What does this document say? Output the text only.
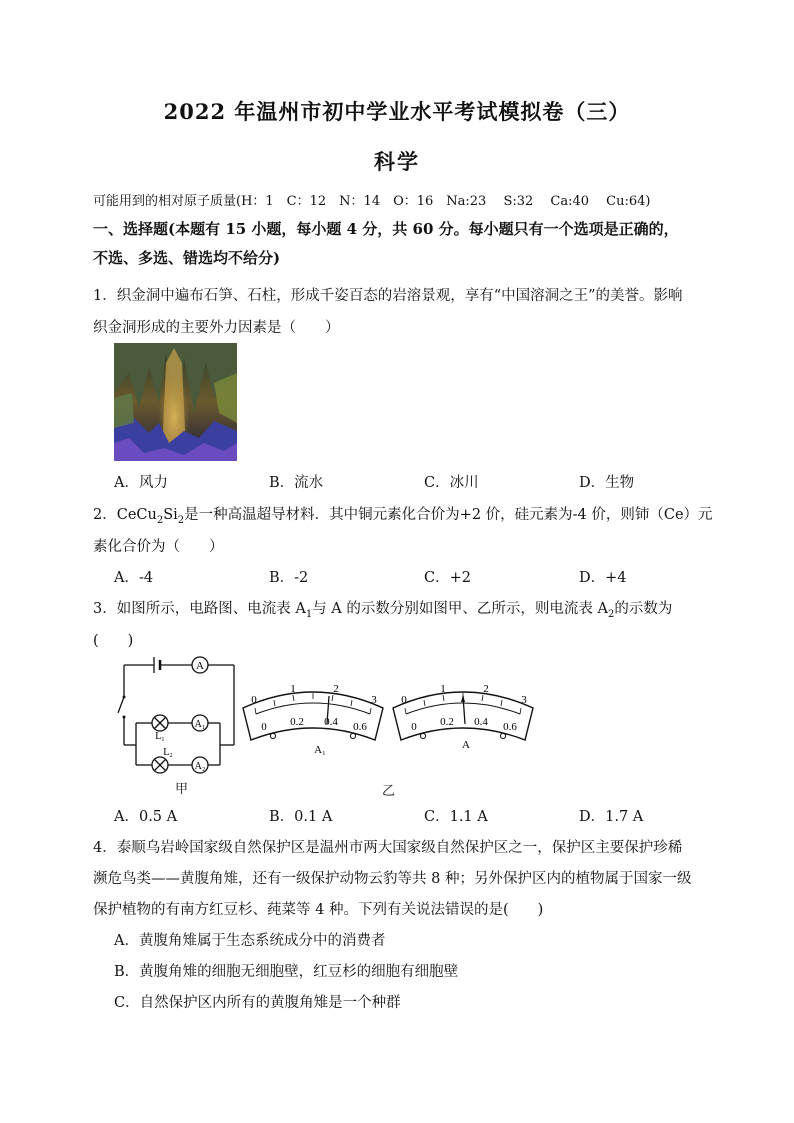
2022 年温州市初中学业水平考试模拟卷（三）
科学
可能用到的相对原子质量(H：1　C：12　N：14　O：16　Na:23　 S:32　 Ca:40　 Cu:64)
一、选择题(本题有 15 小题，每小题 4 分，共 60 分。每小题只有一个选项是正确的，
不选、多选、错选均不给分)
1．织金洞中遍布石笋、石柱，形成千姿百态的岩溶景观，享有“中国溶洞之王”的美誉。影响
织金洞形成的主要外力因素是（　　）
A．风力	B．流水	C．冰川	D．生物
2．$CeCu_2Si_2$是一种高温超导材料．其中铜元素化合价为+2 价，硅元素为-4 价，则铈（Ce）元
素化合价为（　　）
A．-4	B．-2	C．+2	D．+4
3．如图所示，电路图、电流表 $A_1$与 A 的示数分别如图甲、乙所示，则电流表 $A_2$的示数为
(　　)
A
A₁
A₂
L₁
L₂
甲
0
1	2
3
0 0.2 0.4 0.6
A₁
0
1	2
3
0 0.2 0.4 0.6
A
乙
A．0.5 A	B．0.1 A	C．1.1 A	D．1.7 A
4．泰顺乌岩岭国家级自然保护区是温州市两大国家级自然保护区之一，保护区主要保护珍稀
濒危鸟类——黄腹角雉，还有一级保护动物云豹等共 8 种；另外保护区内的植物属于国家一级
保护植物的有南方红豆杉、莼菜等 4 种。下列有关说法错误的是(　　)
A．黄腹角雉属于生态系统成分中的消费者
B．黄腹角雉的细胞无细胞壁，红豆杉的细胞有细胞壁
C．自然保护区内所有的黄腹角雉是一个种群
